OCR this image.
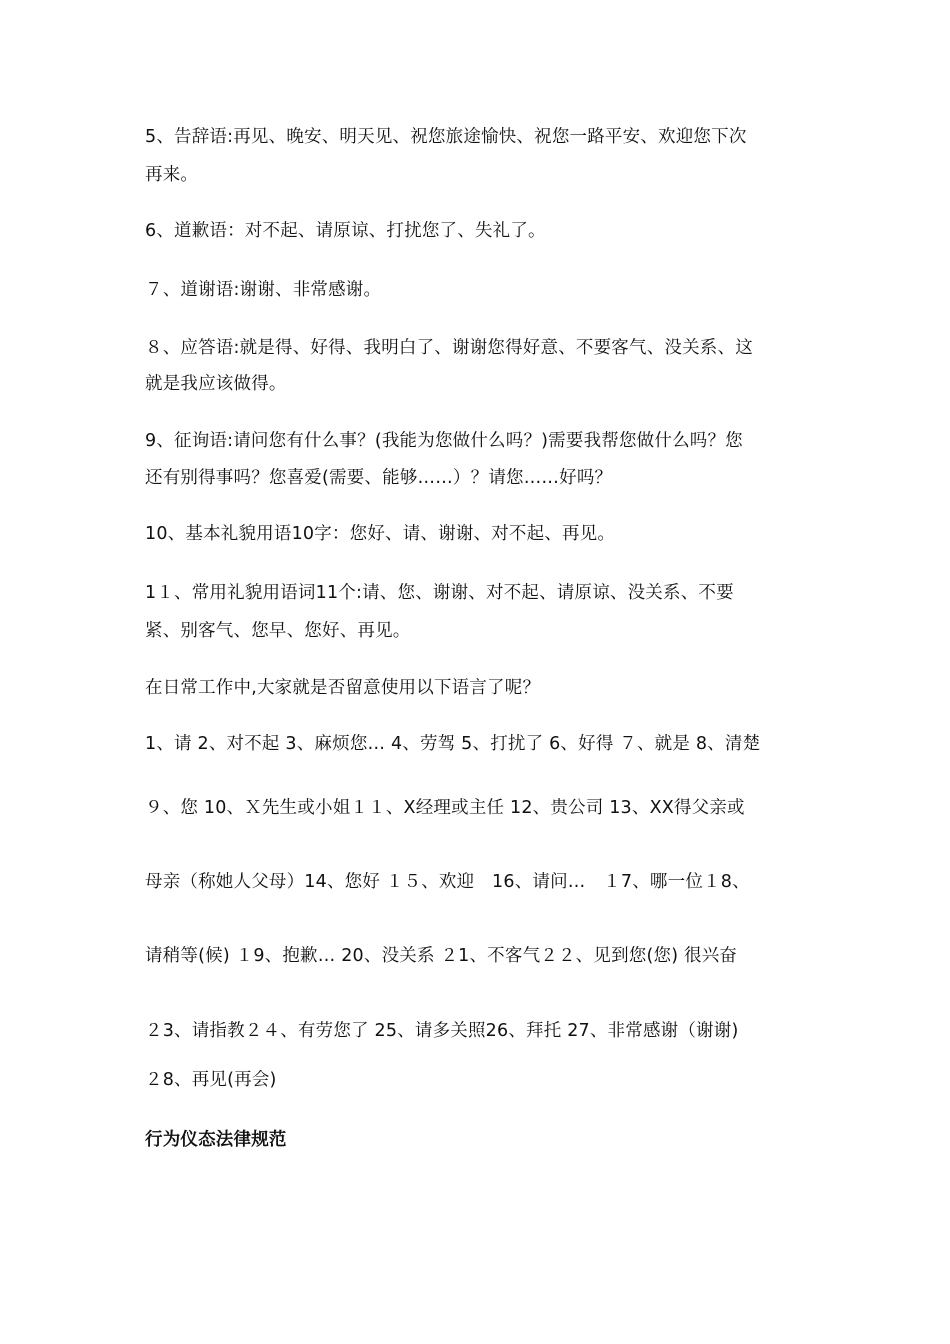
5、告辞语:再见、晚安、明天见、祝您旅途愉快、祝您一路平安、欢迎您下次
再来。
6、道歉语：对不起、请原谅、打扰您了、失礼了。
７、道谢语:谢谢、非常感谢。
８、应答语:就是得、好得、我明白了、谢谢您得好意、不要客气、没关系、这
就是我应该做得。
9、征询语:请问您有什么事？(我能为您做什么吗？)需要我帮您做什么吗？您
还有别得事吗？您喜爱(需要、能够……）？请您……好吗？
10、基本礼貌用语10字：您好、请、谢谢、对不起、再见。
1１、常用礼貌用语词11个:请、您、谢谢、对不起、请原谅、没关系、不要
紧、别客气、您早、您好、再见。
在日常工作中,大家就是否留意使用以下语言了呢？
1、请 2、对不起 3、麻烦您… 4、劳驾 5、打扰了 6、好得 ７、就是 8、清楚
９、您 10、Ｘ先生或小姐１１、X经理或主任 12、贵公司 13、XX得父亲或
母亲（称她人父母）14、您好 １５、欢迎　16、请问…　１7、哪一位１8、
请稍等(候) １9、抱歉… 20、没关系 ２1、不客气２２、见到您(您) 很兴奋
２3、请指教２４、有劳您了 25、请多关照26、拜托 27、非常感谢（谢谢)
２8、再见(再会)
行为仪态法律规范
